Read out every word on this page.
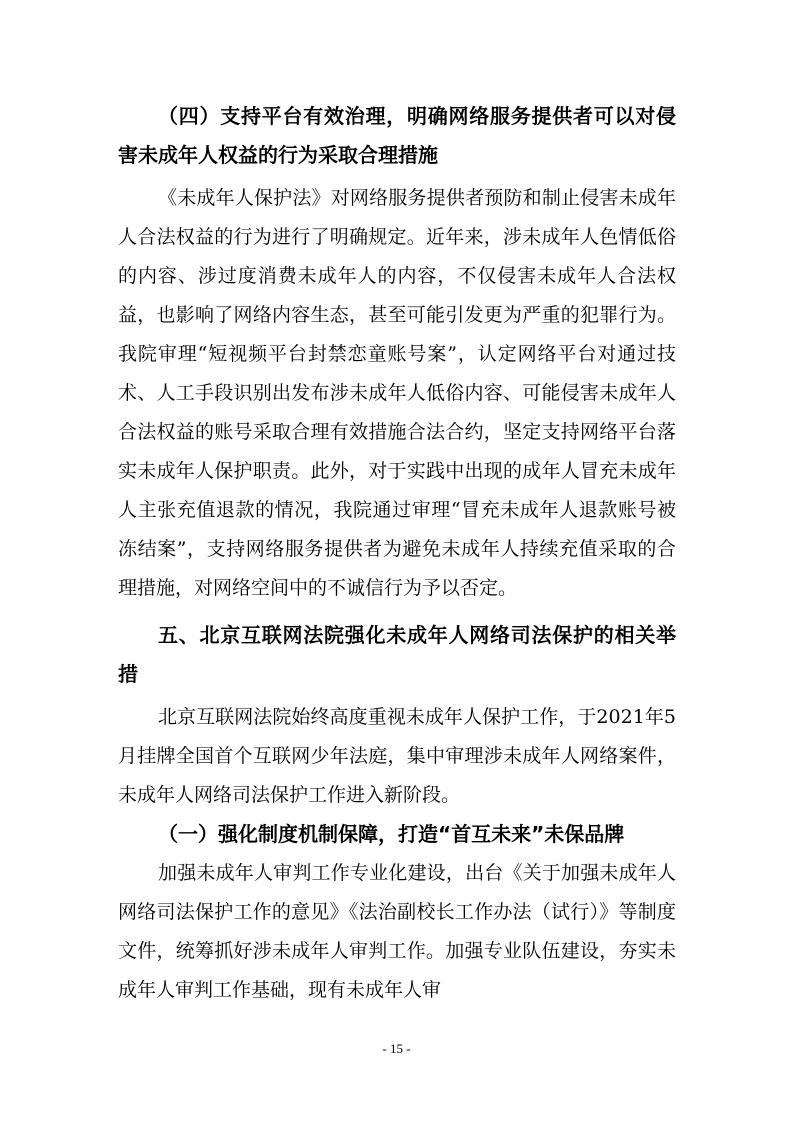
（四）支持平台有效治理，明确网络服务提供者可以对侵害未成年人权益的行为采取合理措施

《未成年人保护法》对网络服务提供者预防和制止侵害未成年人合法权益的行为进行了明确规定。近年来，涉未成年人色情低俗的内容、涉过度消费未成年人的内容，不仅侵害未成年人合法权益，也影响了网络内容生态，甚至可能引发更为严重的犯罪行为。我院审理“短视频平台封禁恋童账号案”，认定网络平台对通过技术、人工手段识别出发布涉未成年人低俗内容、可能侵害未成年人合法权益的账号采取合理有效措施合法合约，坚定支持网络平台落实未成年人保护职责。此外，对于实践中出现的成年人冒充未成年人主张充值退款的情况，我院通过审理“冒充未成年人退款账号被冻结案”，支持网络服务提供者为避免未成年人持续充值采取的合理措施，对网络空间中的不诚信行为予以否定。

五、北京互联网法院强化未成年人网络司法保护的相关举措

北京互联网法院始终高度重视未成年人保护工作，于2021年5月挂牌全国首个互联网少年法庭，集中审理涉未成年人网络案件，未成年人网络司法保护工作进入新阶段。

（一）强化制度机制保障，打造“首互未来”未保品牌

加强未成年人审判工作专业化建设，出台《关于加强未成年人网络司法保护工作的意见》《法治副校长工作办法（试行）》等制度文件，统筹抓好涉未成年人审判工作。加强专业队伍建设，夯实未成年人审判工作基础，现有未成年人审

- 15 -
